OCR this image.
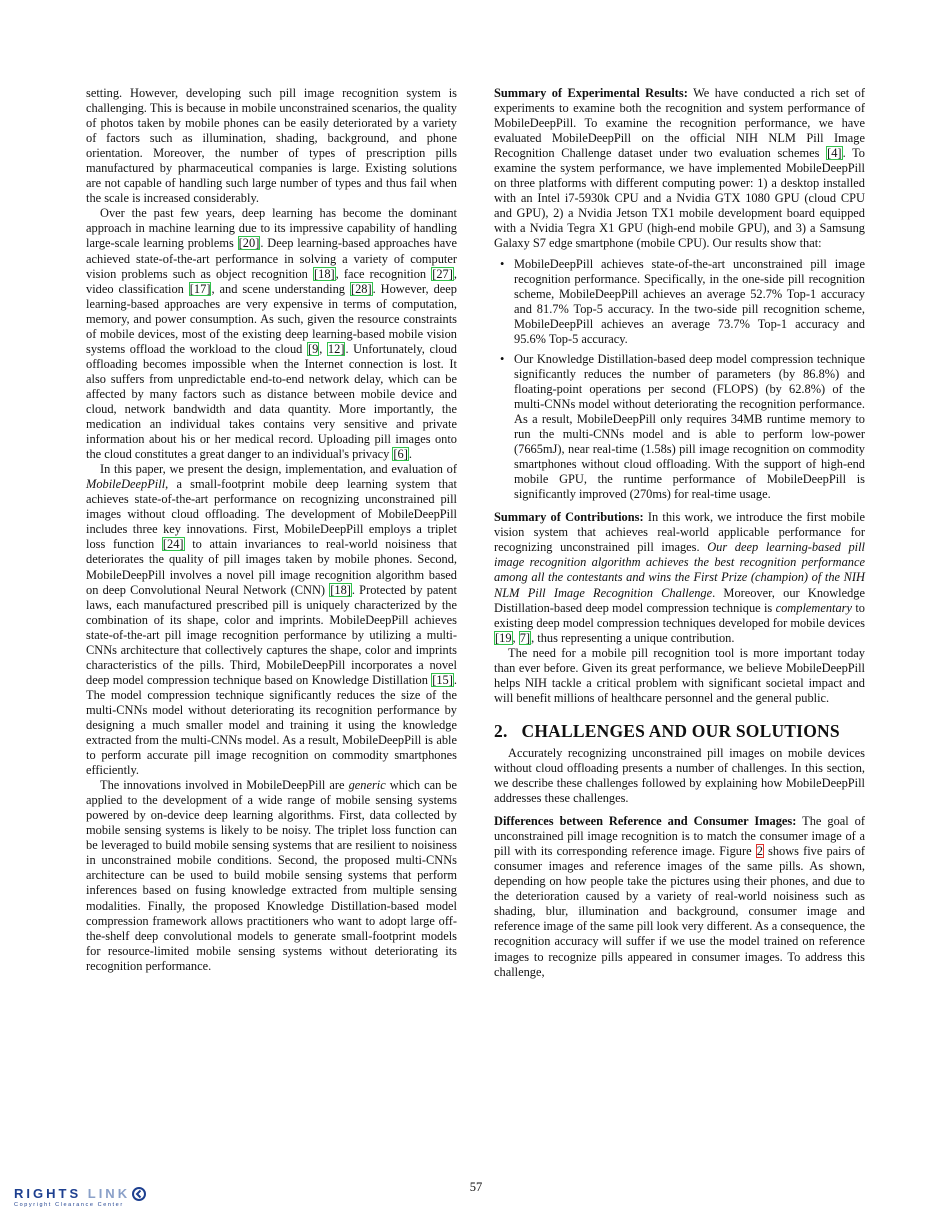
setting. However, developing such pill image recognition system is challenging. This is because in mobile unconstrained scenarios, the quality of photos taken by mobile phones can be easily deteriorated by a variety of factors such as illumination, shading, background, and phone orientation. Moreover, the number of types of prescription pills manufactured by pharmaceutical companies is large. Existing solutions are not capable of handling such large number of types and thus fail when the scale is increased considerably.

Over the past few years, deep learning has become the dominant approach in machine learning due to its impressive capability of handling large-scale learning problems [20]. Deep learning-based approaches have achieved state-of-the-art performance in solving a variety of computer vision problems such as object recognition [18], face recognition [27], video classification [17], and scene understanding [28]. However, deep learning-based approaches are very expensive in terms of computation, memory, and power consumption. As such, given the resource constraints of mobile devices, most of the existing deep learning-based mobile vision systems offload the workload to the cloud [9, 12]. Unfortunately, cloud offloading becomes impossible when the Internet connection is lost. It also suffers from unpredictable end-to-end network delay, which can be affected by many factors such as distance between mobile device and cloud, network bandwidth and data quantity. More importantly, the medication an individual takes contains very sensitive and private information about his or her medical record. Uploading pill images onto the cloud constitutes a great danger to an individual's privacy [6].

In this paper, we present the design, implementation, and evaluation of MobileDeepPill, a small-footprint mobile deep learning system that achieves state-of-the-art performance on recognizing unconstrained pill images without cloud offloading. The development of MobileDeepPill includes three key innovations. First, MobileDeepPill employs a triplet loss function [24] to attain invariances to real-world noisiness that deteriorates the quality of pill images taken by mobile phones. Second, MobileDeepPill involves a novel pill image recognition algorithm based on deep Convolutional Neural Network (CNN) [18]. Protected by patent laws, each manufactured prescribed pill is uniquely characterized by the combination of its shape, color and imprints. MobileDeepPill achieves state-of-the-art pill image recognition performance by utilizing a multi-CNNs architecture that collectively captures the shape, color and imprints characteristics of the pills. Third, MobileDeepPill incorporates a novel deep model compression technique based on Knowledge Distillation [15]. The model compression technique significantly reduces the size of the multi-CNNs model without deteriorating its recognition performance by designing a much smaller model and training it using the knowledge extracted from the multi-CNNs model. As a result, MobileDeepPill is able to perform accurate pill image recognition on commodity smartphones efficiently.

The innovations involved in MobileDeepPill are generic which can be applied to the development of a wide range of mobile sensing systems powered by on-device deep learning algorithms. First, data collected by mobile sensing systems is likely to be noisy. The triplet loss function can be leveraged to build mobile sensing systems that are resilient to noisiness in unconstrained mobile conditions. Second, the proposed multi-CNNs architecture can be used to build mobile sensing systems that perform inferences based on fusing knowledge extracted from multiple sensing modalities. Finally, the proposed Knowledge Distillation-based model compression framework allows practitioners who want to adopt large off-the-shelf deep convolutional models to generate small-footprint models for resource-limited mobile sensing systems without deteriorating its recognition performance.

Summary of Experimental Results: We have conducted a rich set of experiments to examine both the recognition and system performance of MobileDeepPill. To examine the recognition performance, we have evaluated MobileDeepPill on the official NIH NLM Pill Image Recognition Challenge dataset under two evaluation schemes [4]. To examine the system performance, we have implemented MobileDeepPill on three platforms with different computing power: 1) a desktop installed with an Intel i7-5930k CPU and a Nvidia GTX 1080 GPU (cloud CPU and GPU), 2) a Nvidia Jetson TX1 mobile development board equipped with a Nvidia Tegra X1 GPU (high-end mobile GPU), and 3) a Samsung Galaxy S7 edge smartphone (mobile CPU). Our results show that:

• MobileDeepPill achieves state-of-the-art unconstrained pill image recognition performance. Specifically, in the one-side pill recognition scheme, MobileDeepPill achieves an average 52.7% Top-1 accuracy and 81.7% Top-5 accuracy. In the two-side pill recognition scheme, MobileDeepPill achieves an average 73.7% Top-1 accuracy and 95.6% Top-5 accuracy.
• Our Knowledge Distillation-based deep model compression technique significantly reduces the number of parameters (by 86.8%) and floating-point operations per second (FLOPS) (by 62.8%) of the multi-CNNs model without deteriorating the recognition performance. As a result, MobileDeepPill only requires 34MB runtime memory to run the multi-CNNs model and is able to perform low-power (7665mJ), near real-time (1.58s) pill image recognition on commodity smartphones without cloud offloading. With the support of high-end mobile GPU, the runtime performance of MobileDeepPill is significantly improved (270ms) for real-time usage.

Summary of Contributions: In this work, we introduce the first mobile vision system that achieves real-world applicable performance for recognizing unconstrained pill images. Our deep learning-based pill image recognition algorithm achieves the best recognition performance among all the contestants and wins the First Prize (champion) of the NIH NLM Pill Image Recognition Challenge. Moreover, our Knowledge Distillation-based deep model compression technique is complementary to existing deep model compression techniques developed for mobile devices [19, 7], thus representing a unique contribution.

The need for a mobile pill recognition tool is more important today than ever before. Given its great performance, we believe MobileDeepPill helps NIH tackle a critical problem with significant societal impact and will benefit millions of healthcare personnel and the general public.

2. CHALLENGES AND OUR SOLUTIONS

Accurately recognizing unconstrained pill images on mobile devices without cloud offloading presents a number of challenges. In this section, we describe these challenges followed by explaining how MobileDeepPill addresses these challenges.

Differences between Reference and Consumer Images: The goal of unconstrained pill image recognition is to match the consumer image of a pill with its corresponding reference image. Figure 2 shows five pairs of consumer images and reference images of the same pills. As shown, depending on how people take the pictures using their phones, and due to the deterioration caused by a variety of real-world noisiness such as shading, blur, illumination and background, consumer image and reference image of the same pill look very different. As a consequence, the recognition accuracy will suffer if we use the model trained on reference images to recognize pills appeared in consumer images. To address this challenge,

57
RIGHTS LINK
Copyright Clearance Center
